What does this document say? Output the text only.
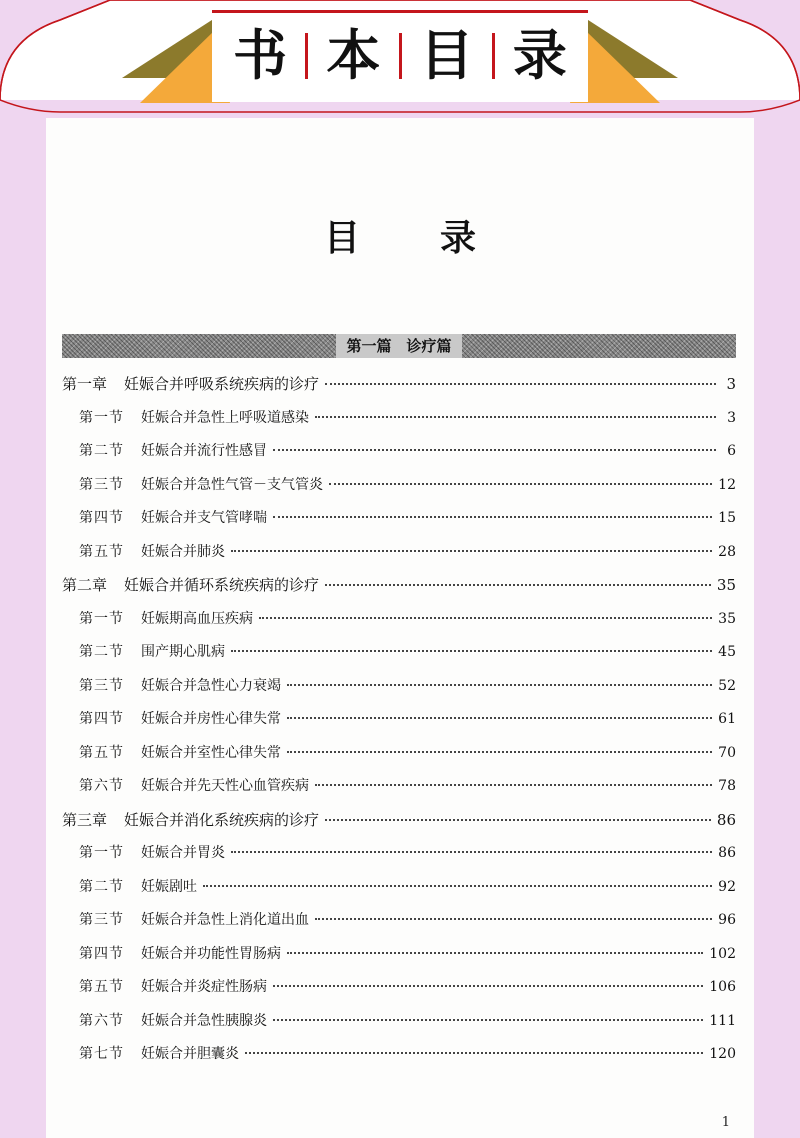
书 本 目 录
目 录
第一篇　诊疗篇
第一章 妊娠合并呼吸系统疾病的诊疗	3
第一节 妊娠合并急性上呼吸道感染	3
第二节 妊娠合并流行性感冒	6
第三节 妊娠合并急性气管－支气管炎	12
第四节 妊娠合并支气管哮喘	15
第五节 妊娠合并肺炎	28
第二章 妊娠合并循环系统疾病的诊疗	35
第一节 妊娠期高血压疾病	35
第二节 围产期心肌病	45
第三节 妊娠合并急性心力衰竭	52
第四节 妊娠合并房性心律失常	61
第五节 妊娠合并室性心律失常	70
第六节 妊娠合并先天性心血管疾病	78
第三章 妊娠合并消化系统疾病的诊疗	86
第一节 妊娠合并胃炎	86
第二节 妊娠剧吐	92
第三节 妊娠合并急性上消化道出血	96
第四节 妊娠合并功能性胃肠病	102
第五节 妊娠合并炎症性肠病	106
第六节 妊娠合并急性胰腺炎	111
第七节 妊娠合并胆囊炎	120
1
